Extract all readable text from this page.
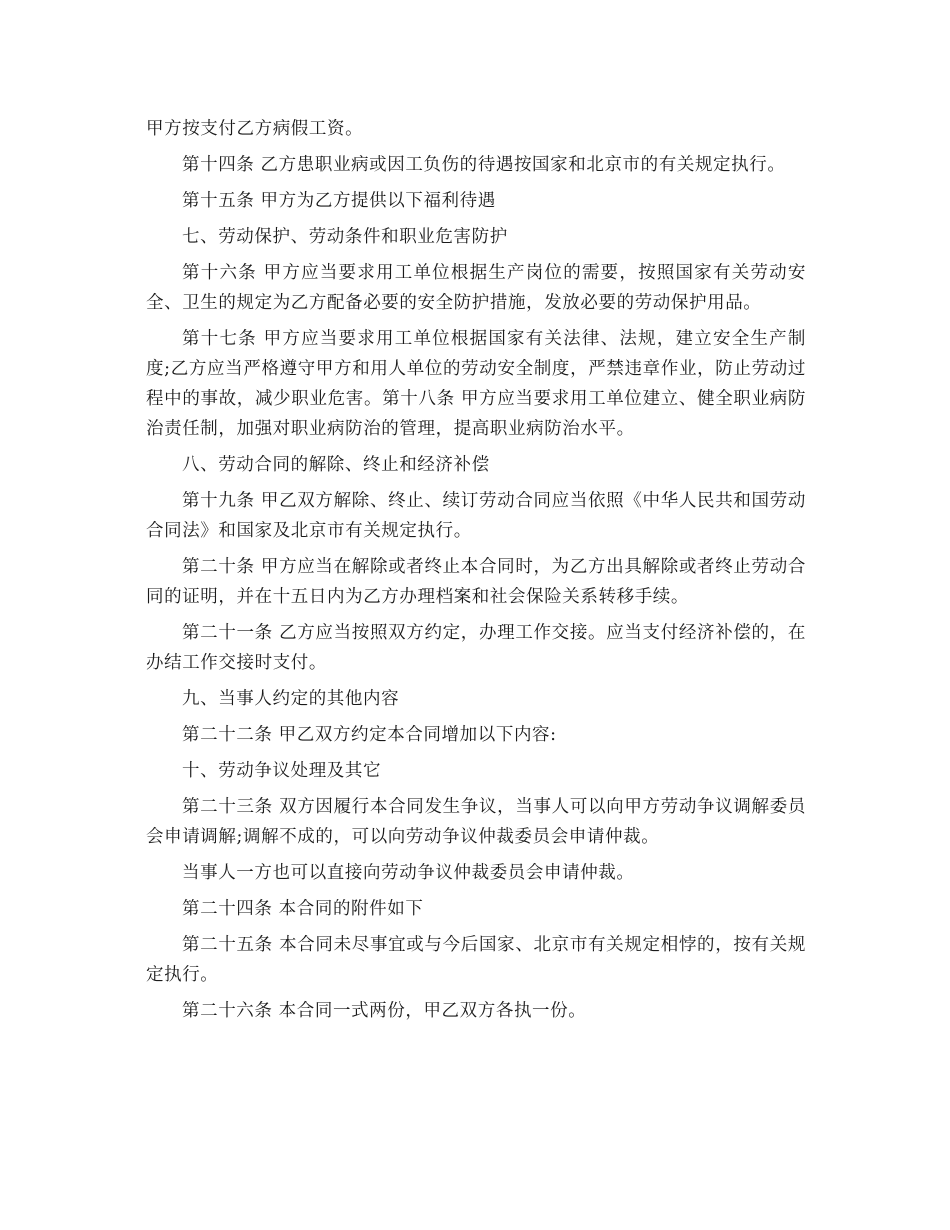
甲方按支付乙方病假工资。

第十四条 乙方患职业病或因工负伤的待遇按国家和北京市的有关规定执行。

第十五条 甲方为乙方提供以下福利待遇

七、劳动保护、劳动条件和职业危害防护

第十六条 甲方应当要求用工单位根据生产岗位的需要，按照国家有关劳动安全、卫生的规定为乙方配备必要的安全防护措施，发放必要的劳动保护用品。

第十七条 甲方应当要求用工单位根据国家有关法律、法规，建立安全生产制度;乙方应当严格遵守甲方和用人单位的劳动安全制度，严禁违章作业，防止劳动过程中的事故，减少职业危害。第十八条 甲方应当要求用工单位建立、健全职业病防治责任制，加强对职业病防治的管理，提高职业病防治水平。

八、劳动合同的解除、终止和经济补偿

第十九条 甲乙双方解除、终止、续订劳动合同应当依照《中华人民共和国劳动合同法》和国家及北京市有关规定执行。

第二十条 甲方应当在解除或者终止本合同时，为乙方出具解除或者终止劳动合同的证明，并在十五日内为乙方办理档案和社会保险关系转移手续。

第二十一条 乙方应当按照双方约定，办理工作交接。应当支付经济补偿的，在办结工作交接时支付。

九、当事人约定的其他内容

第二十二条 甲乙双方约定本合同增加以下内容:

十、劳动争议处理及其它

第二十三条 双方因履行本合同发生争议，当事人可以向甲方劳动争议调解委员会申请调解;调解不成的，可以向劳动争议仲裁委员会申请仲裁。

当事人一方也可以直接向劳动争议仲裁委员会申请仲裁。

第二十四条 本合同的附件如下

第二十五条 本合同未尽事宜或与今后国家、北京市有关规定相悖的，按有关规定执行。

第二十六条 本合同一式两份，甲乙双方各执一份。
